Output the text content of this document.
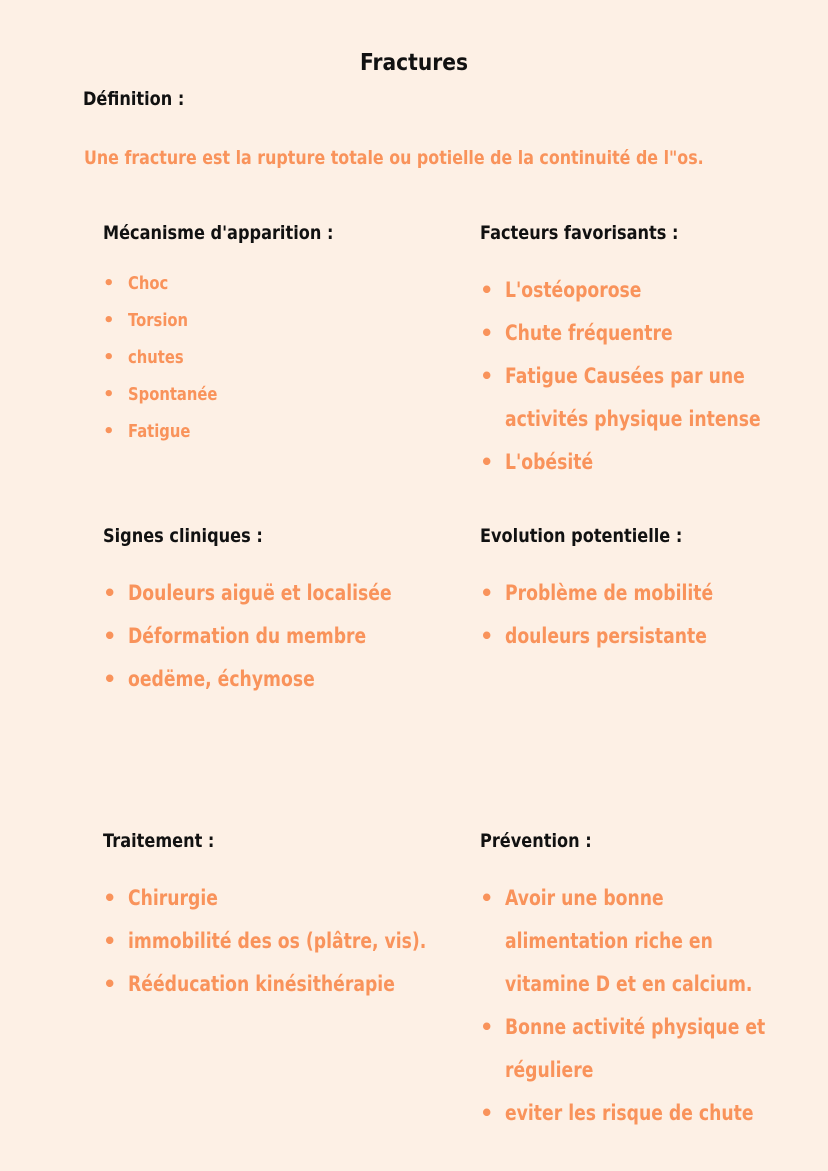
Fractures
Définition :
Une fracture est la rupture totale ou potielle de la continuité de l"os.
Mécanisme d'apparition :
• Choc
• Torsion
• chutes
• Spontanée
• Fatigue
Facteurs favorisants :
• L'ostéoporose
• Chute fréquentre
• Fatigue Causées par une
activités physique intense
• L'obésité
Signes cliniques :
• Douleurs aiguë et localisée
• Déformation du membre
• oedëme, échymose
Evolution potentielle :
• Problème de mobilité
• douleurs persistante
Traitement :
• Chirurgie
• immobilité des os (plâtre, vis).
• Rééducation kinésithérapie
Prévention :
• Avoir une bonne
alimentation riche en
vitamine D et en calcium.
• Bonne activité physique et
réguliere
• eviter les risque de chute
